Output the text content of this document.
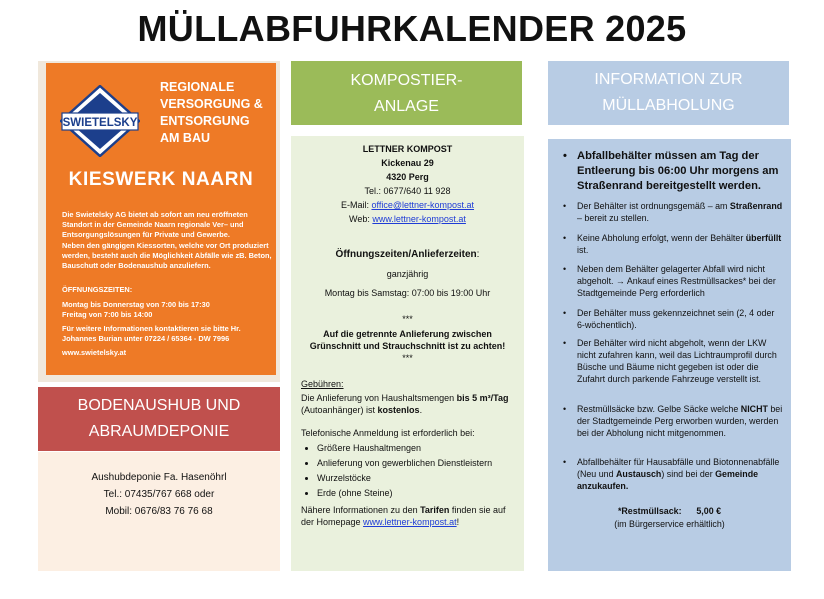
MÜLLABFUHRKALENDER 2025
SWIETELSKY
REGIONALE
VERSORGUNG &
ENTSORGUNG
AM BAU
KIESWERK NAARN
Die Swietelsky AG bietet ab sofort am neu eröffneten Standort in der Gemeinde Naarn regionale Ver– und Entsorgungslösungen für Private und Gewerbe.
Neben den gängigen Kiessorten, welche vor Ort produziert werden, besteht auch die Möglichkeit Abfälle wie zB. Beton, Bauschutt oder Bodenaushub anzuliefern.
ÖFFNUNGSZEITEN:
Montag bis Donnerstag von 7:00 bis 17:30
Freitag von 7:00 bis 14:00
Für weitere Informationen kontaktieren sie bitte Hr. Johannes Burian unter 07224 / 65364 - DW 7996
www.swietelsky.at
BODENAUSHUB UND
ABRAUMDEPONIE
Aushubdeponie Fa. Hasenöhrl
Tel.: 07435/767 668 oder
Mobil: 0676/83 76 76 68
KOMPOSTIER-
ANLAGE
LETTNER KOMPOST
Kickenau 29
4320 Perg
Tel.: 0677/640 11 928
E-Mail: office@lettner-kompost.at
Web: www.lettner-kompost.at
Öffnungszeiten/Anlieferzeiten:
ganzjährig
Montag bis Samstag: 07:00 bis 19:00 Uhr
***
Auf die getrennte Anlieferung zwischen Grünschnitt und Strauchschnitt ist zu achten!
***
Gebühren:
Die Anlieferung von Haushaltsmengen bis 5 m³/Tag (Autoanhänger) ist kostenlos.
Telefonische Anmeldung ist erforderlich bei:
• Größere Haushaltmengen
• Anlieferung von gewerblichen Dienstleistern
• Wurzelstöcke
• Erde (ohne Steine)
Nähere Informationen zu den Tarifen finden sie auf der Homepage www.lettner-kompost.at!
INFORMATION ZUR
MÜLLABHOLUNG
• Abfallbehälter müssen am Tag der Entleerung bis 06:00 Uhr morgens am Straßenrand bereitgestellt werden.
• Der Behälter ist ordnungsgemäß – am Straßenrand – bereit zu stellen.
• Keine Abholung erfolgt, wenn der Behälter überfüllt ist.
• Neben dem Behälter gelagerter Abfall wird nicht abgeholt. → Ankauf eines Restmüllsackes* bei der Stadtgemeinde Perg erforderlich
• Der Behälter muss gekennzeichnet sein (2, 4 oder 6-wöchentlich).
• Der Behälter wird nicht abgeholt, wenn der LKW nicht zufahren kann, weil das Lichtraumprofil durch Büsche und Bäume nicht gegeben ist oder die Zufahrt durch parkende Fahrzeuge verstellt ist.
• Restmüllsäcke bzw. Gelbe Säcke welche NICHT bei der Stadtgemeinde Perg erworben wurden, werden bei der Abholung nicht mitgenommen.
• Abfallbehälter für Hausabfälle und Biotonnenabfälle (Neu und Austausch) sind bei der Gemeinde anzukaufen.
*Restmüllsack:      5,00 €
(im Bürgerservice erhältlich)
